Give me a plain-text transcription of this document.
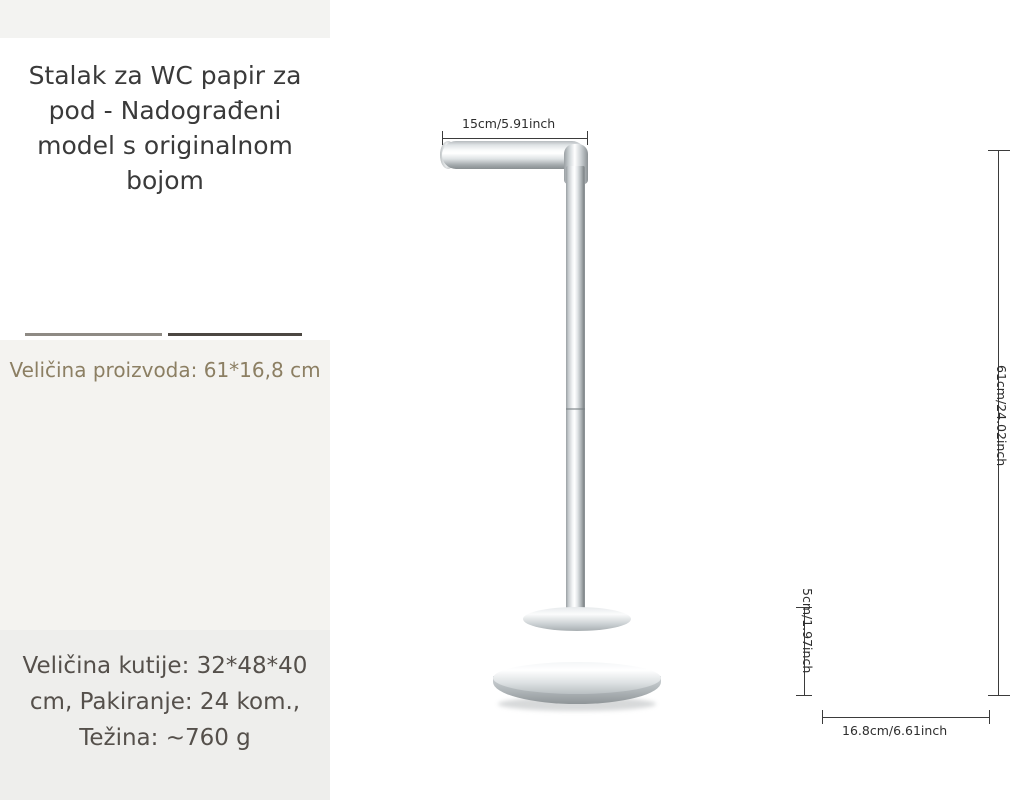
Stalak za WC papir za pod - Nadograđeni model s originalnom bojom
Veličina proizvoda: 61*16,8 cm
Veličina kutije: 32*48*40 cm, Pakiranje: 24 kom., Težina: ~760 g
15cm/5.91inch
61cm/24.02inch
5cm/1.97inch
16.8cm/6.61inch
